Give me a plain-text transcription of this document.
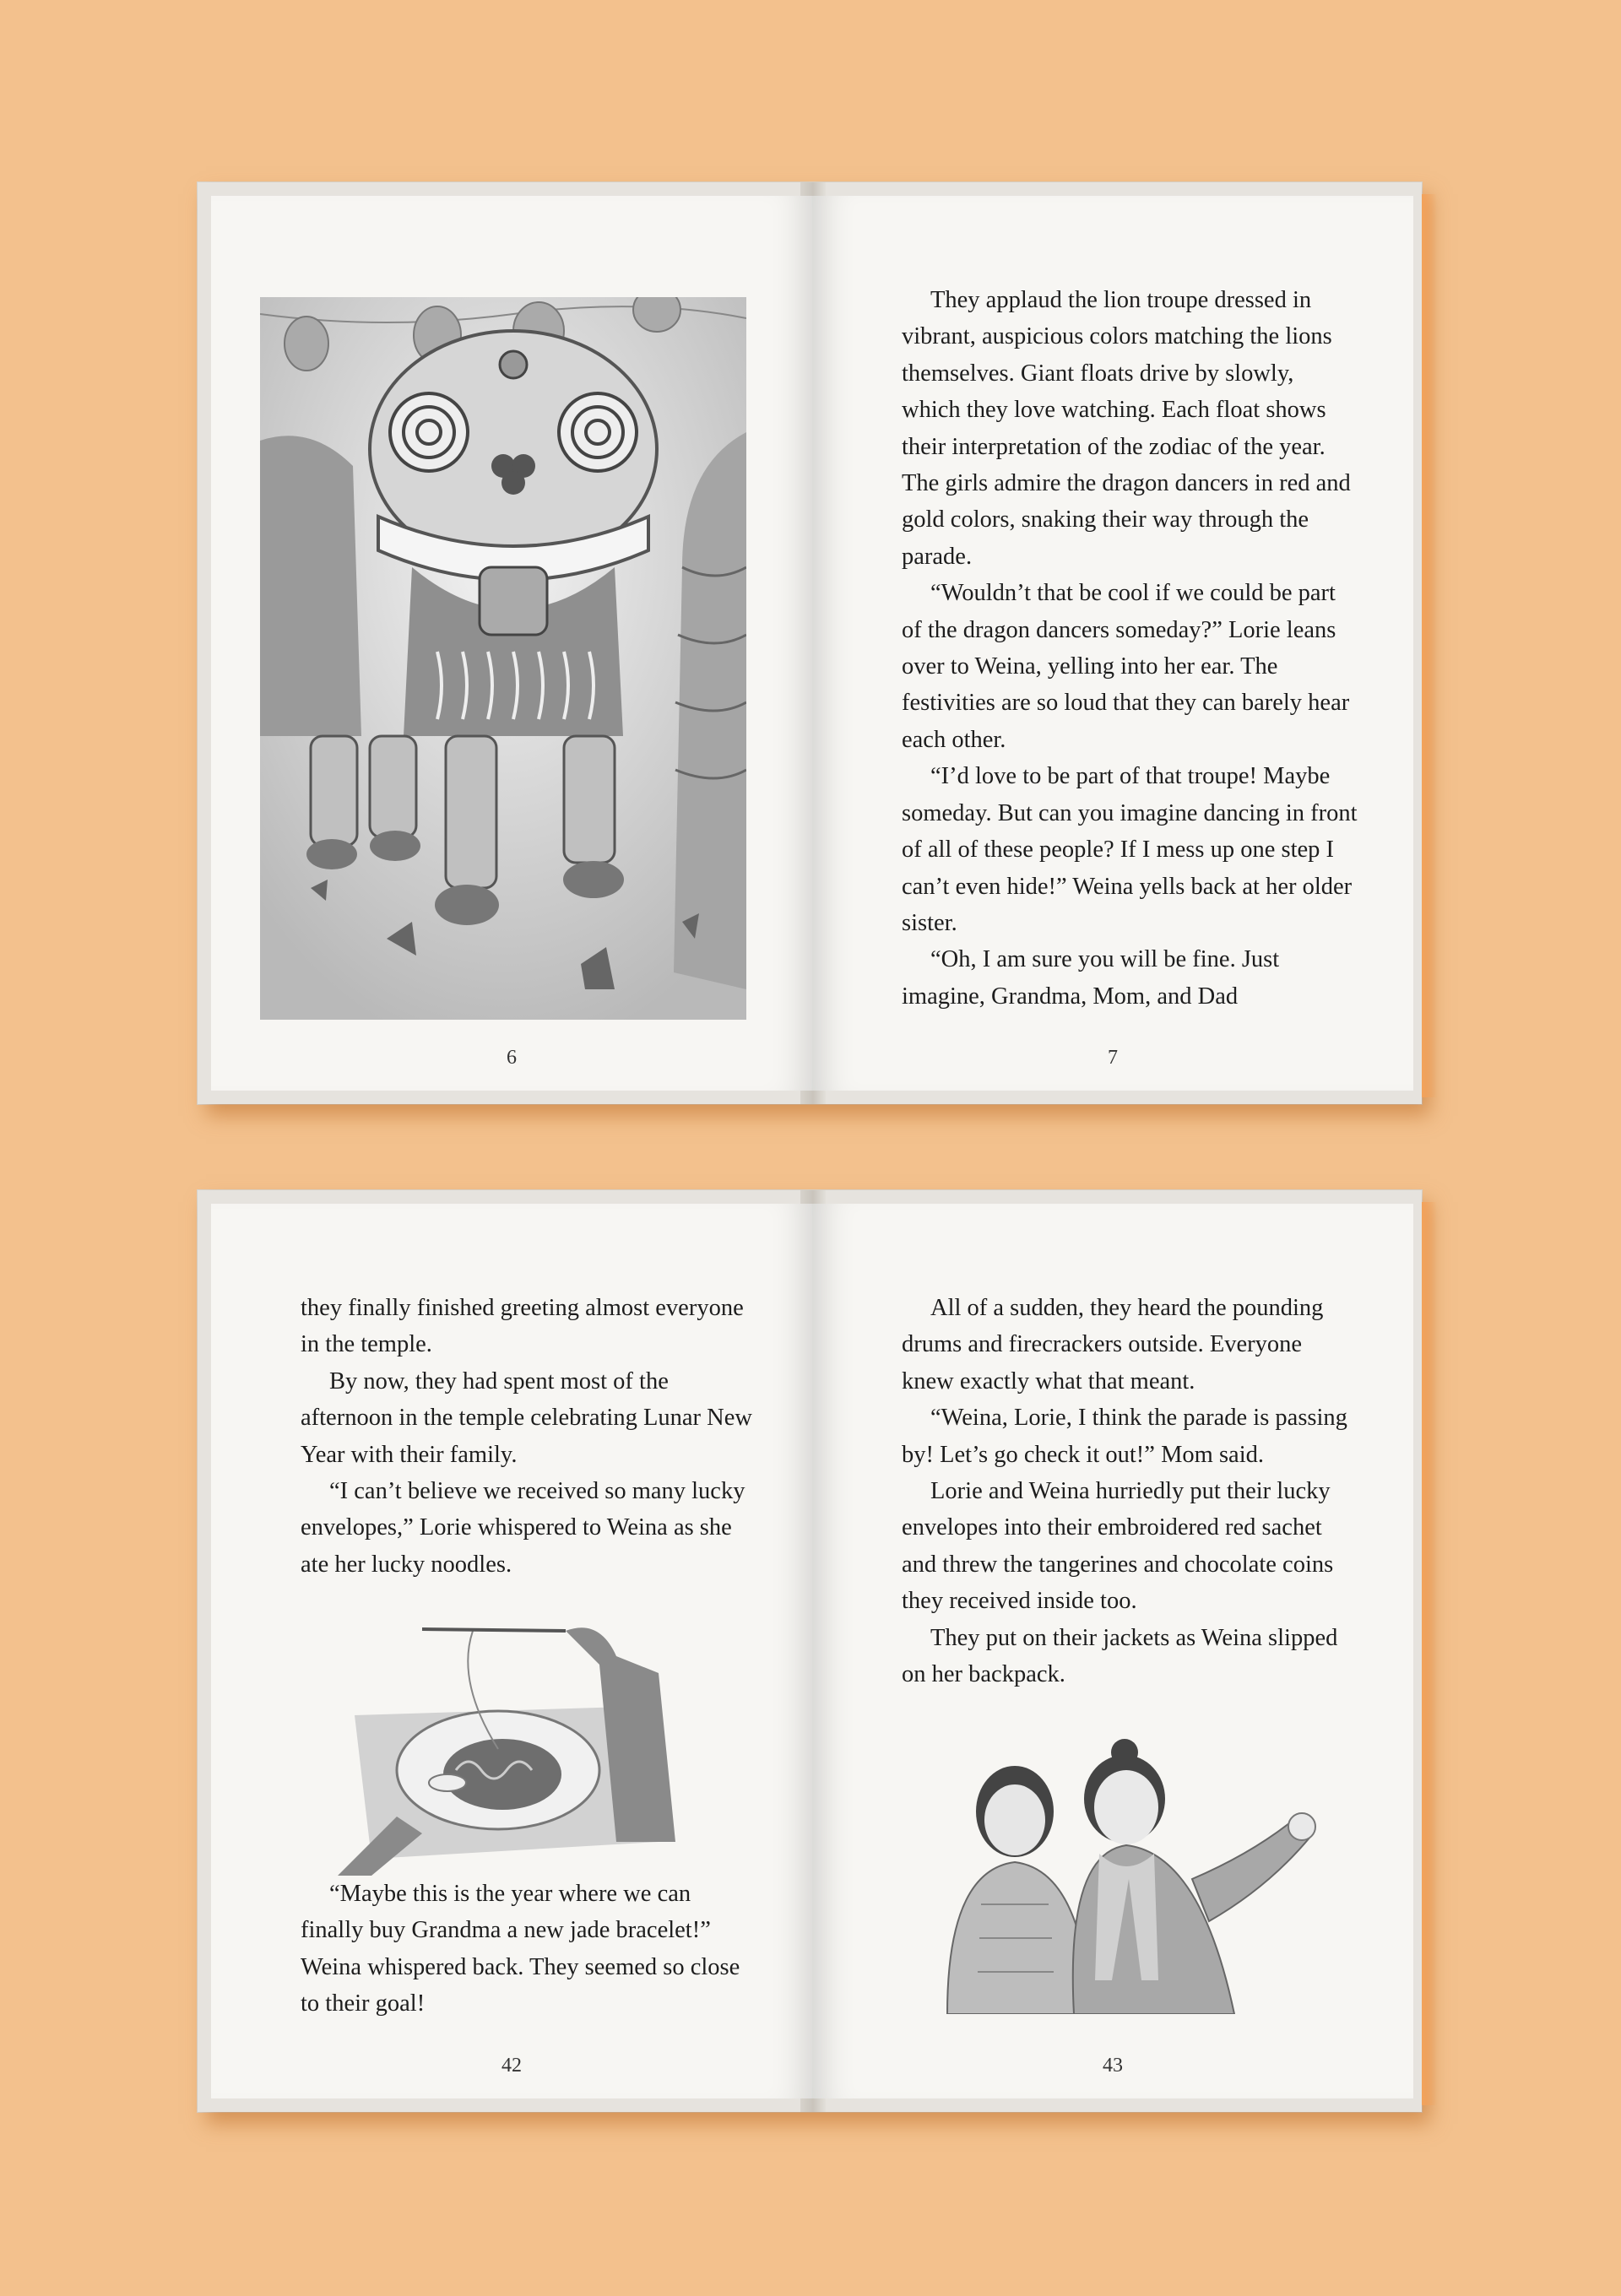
6

They applaud the lion troupe dressed in vibrant, auspicious colors matching the lions themselves. Giant floats drive by slowly, which they love watching. Each float shows their interpretation of the zodiac of the year. The girls admire the dragon dancers in red and gold colors, snaking their way through the parade.

“Wouldn’t that be cool if we could be part of the dragon dancers someday?” Lorie leans over to Weina, yelling into her ear. The festivities are so loud that they can barely hear each other.

“I’d love to be part of that troupe! Maybe someday. But can you imagine dancing in front of all of these people? If I mess up one step I can’t even hide!” Weina yells back at her older sister.

“Oh, I am sure you will be fine. Just imagine, Grandma, Mom, and Dad

7

they finally finished greeting almost everyone in the temple.

By now, they had spent most of the afternoon in the temple celebrating Lunar New Year with their family.

“I can’t believe we received so many lucky envelopes,” Lorie whispered to Weina as she ate her lucky noodles.

“Maybe this is the year where we can finally buy Grandma a new jade bracelet!” Weina whispered back. They seemed so close to their goal!

42

All of a sudden, they heard the pounding drums and firecrackers outside. Everyone knew exactly what that meant.

“Weina, Lorie, I think the parade is passing by! Let’s go check it out!” Mom said.

Lorie and Weina hurriedly put their lucky envelopes into their embroidered red sachet and threw the tangerines and chocolate coins they received inside too.

They put on their jackets as Weina slipped on her backpack.

43
